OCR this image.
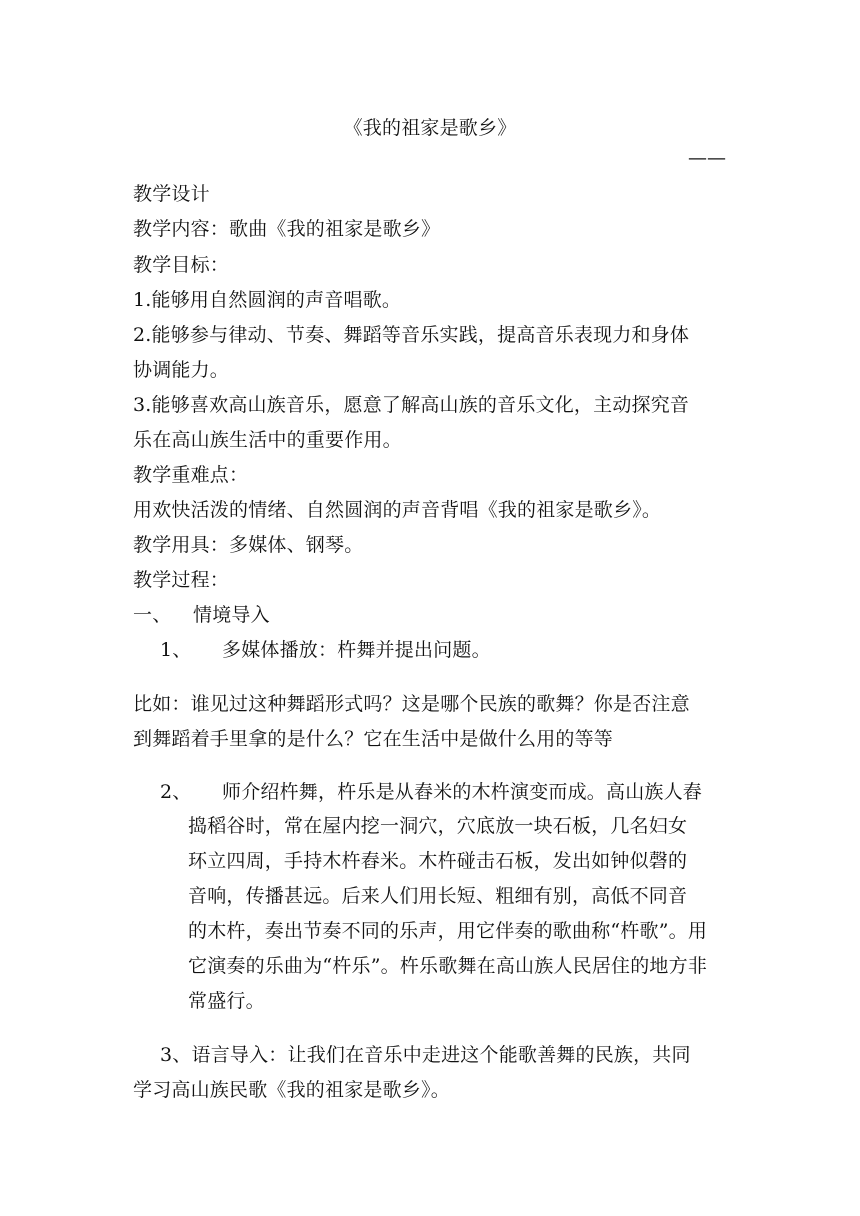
《我的祖家是歌乡》
——
教学设计
教学内容：歌曲《我的祖家是歌乡》
教学目标：
1.能够用自然圆润的声音唱歌。
2.能够参与律动、节奏、舞蹈等音乐实践，提高音乐表现力和身体
协调能力。
3.能够喜欢高山族音乐，愿意了解高山族的音乐文化，主动探究音
乐在高山族生活中的重要作用。
教学重难点：
用欢快活泼的情绪、自然圆润的声音背唱《我的祖家是歌乡》。
教学用具：多媒体、钢琴。
教学过程：
一、 情境导入
1、 多媒体播放：杵舞并提出问题。
比如：谁见过这种舞蹈形式吗？这是哪个民族的歌舞？你是否注意
到舞蹈着手里拿的是什么？它在生活中是做什么用的等等
2、 师介绍杵舞，杵乐是从舂米的木杵演变而成。高山族人舂
捣稻谷时，常在屋内挖一洞穴，穴底放一块石板，几名妇女
环立四周，手持木杵舂米。木杵碰击石板，发出如钟似磬的
音响，传播甚远。后来人们用长短、粗细有别，高低不同音
的木杵，奏出节奏不同的乐声，用它伴奏的歌曲称“杵歌”。用
它演奏的乐曲为“杵乐”。杵乐歌舞在高山族人民居住的地方非
常盛行。
3、语言导入：让我们在音乐中走进这个能歌善舞的民族，共同
学习高山族民歌《我的祖家是歌乡》。
